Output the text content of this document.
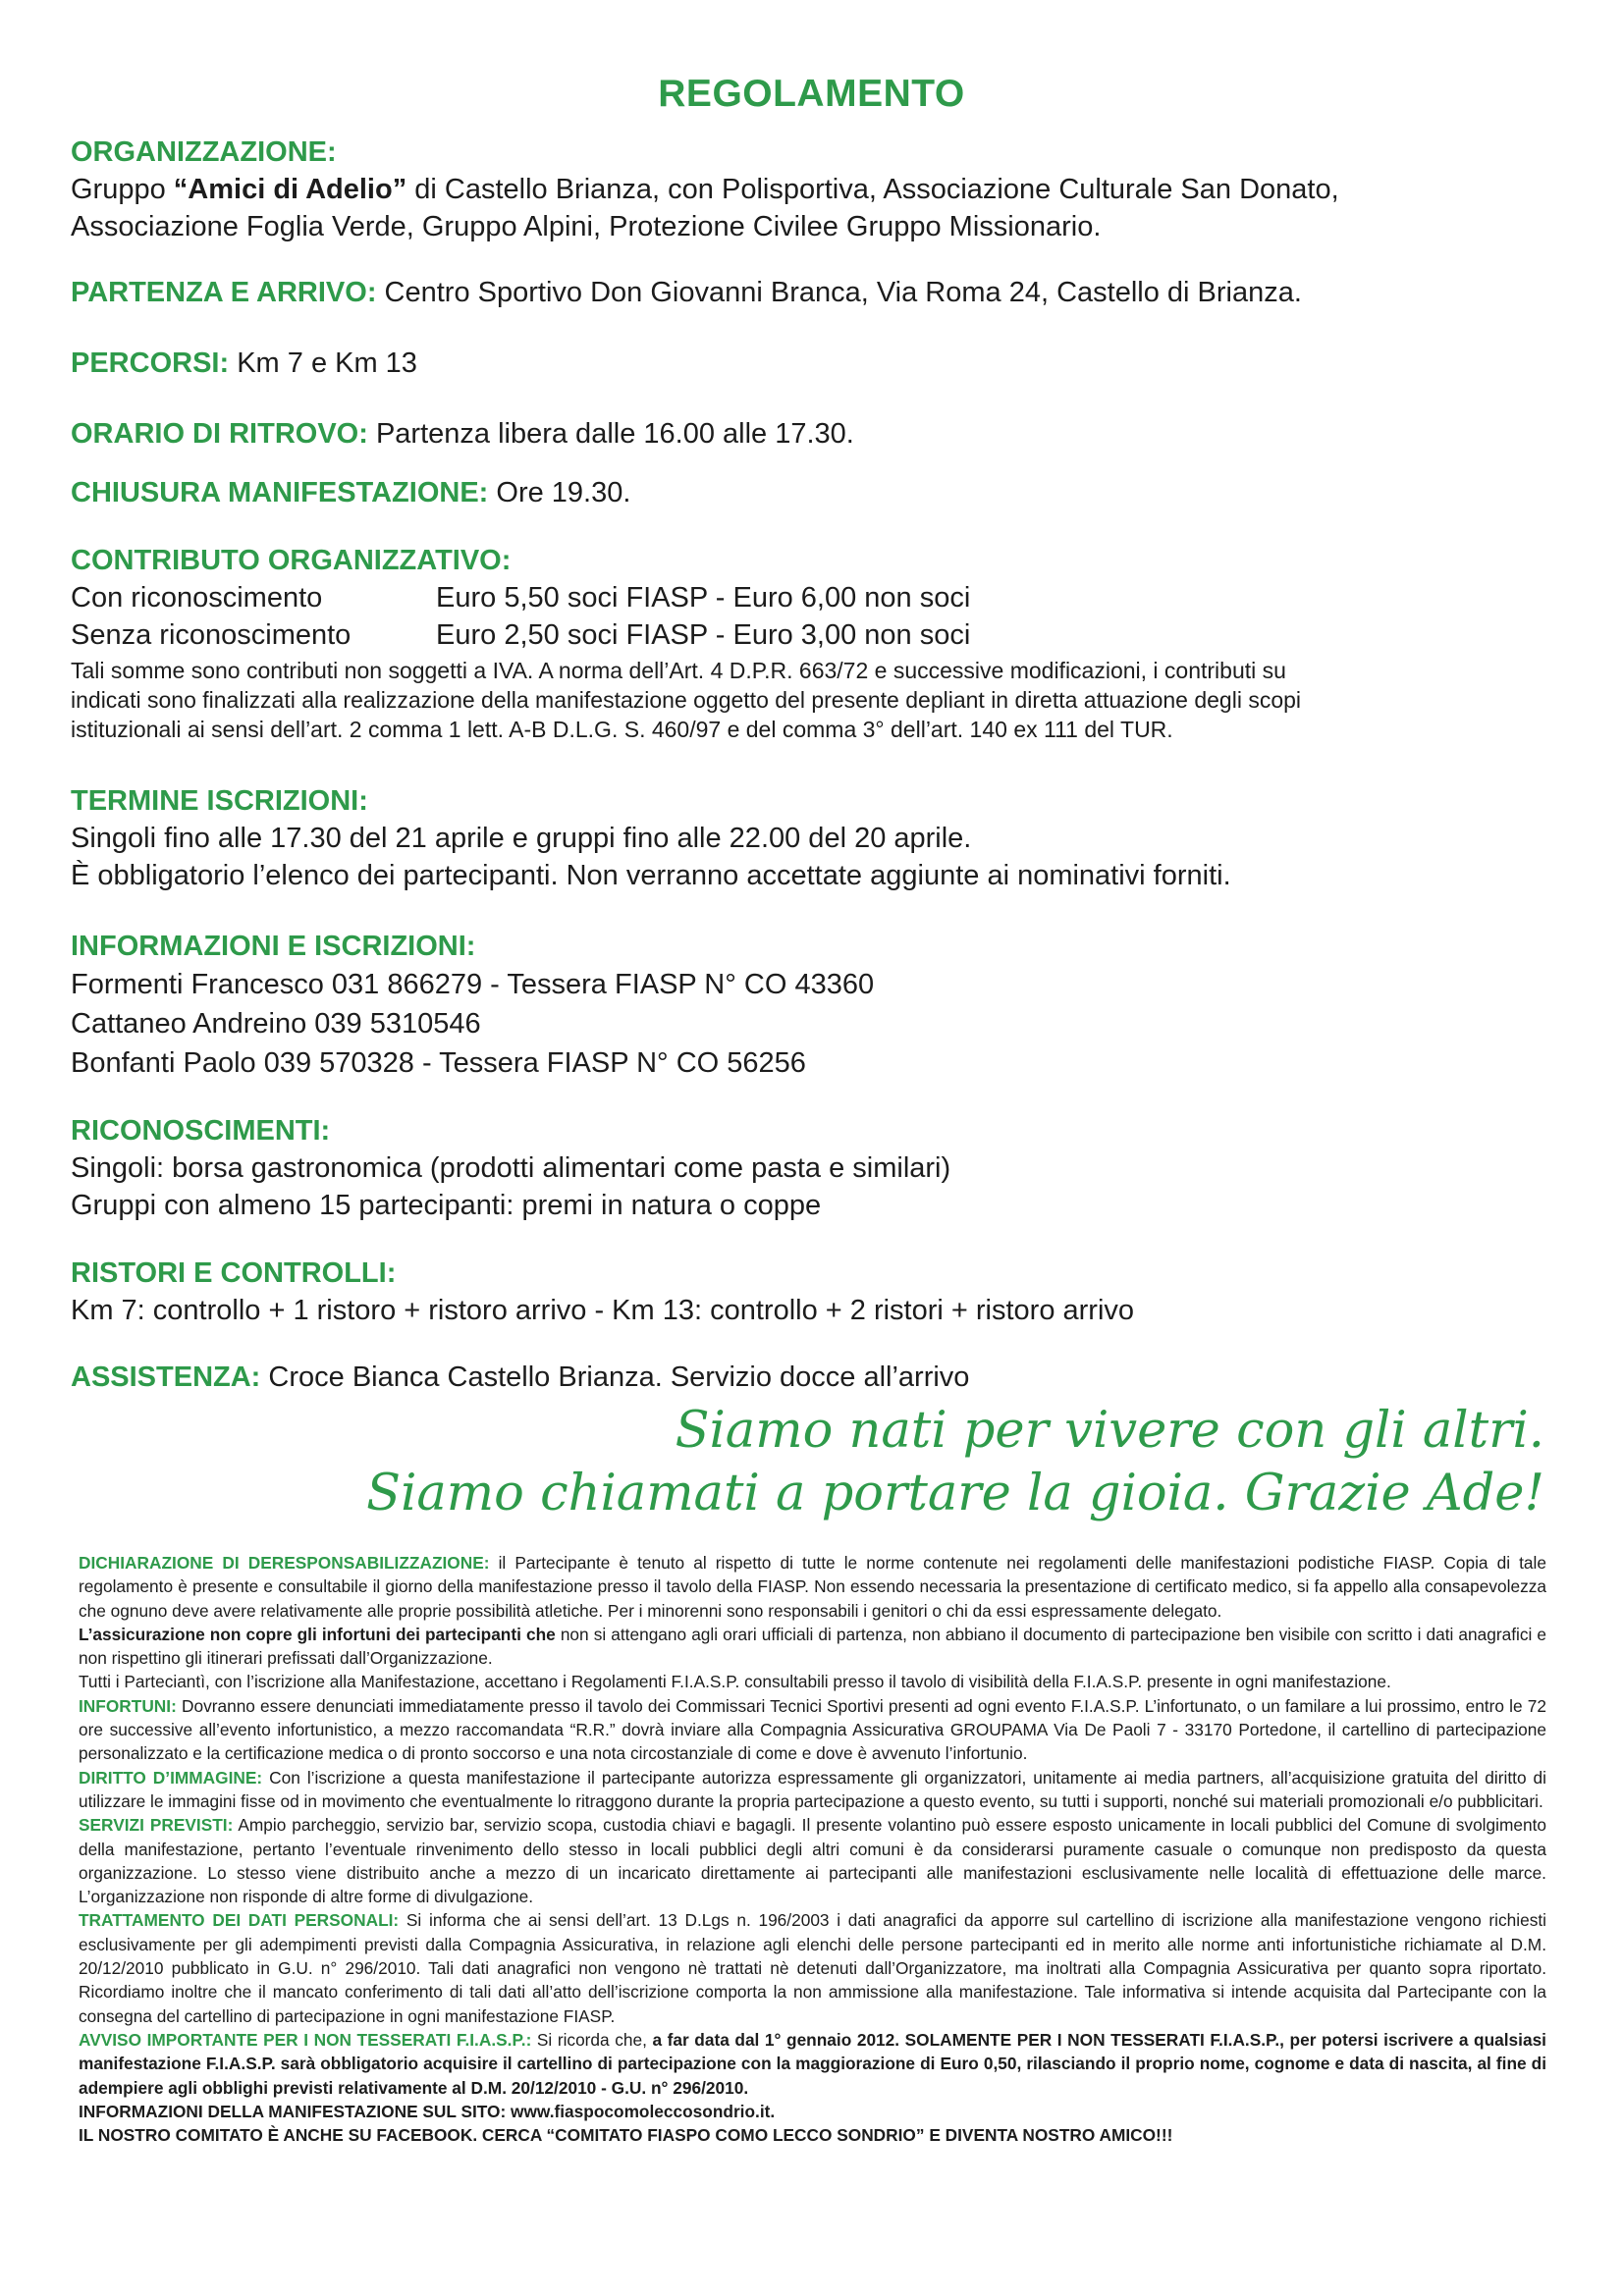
REGOLAMENTO
ORGANIZZAZIONE:
Gruppo “Amici di Adelio” di Castello Brianza, con Polisportiva, Associazione Culturale San Donato,
Associazione Foglia Verde, Gruppo Alpini, Protezione Civilee Gruppo Missionario.
PARTENZA E ARRIVO: Centro Sportivo Don Giovanni Branca, Via Roma 24, Castello di Brianza.
PERCORSI: Km 7 e Km 13
ORARIO DI RITROVO: Partenza libera dalle 16.00 alle 17.30.
CHIUSURA MANIFESTAZIONE: Ore 19.30.
CONTRIBUTO ORGANIZZATIVO:
Con riconoscimento	Euro 5,50 soci FIASP - Euro 6,00 non soci
Senza riconoscimento	Euro 2,50 soci FIASP - Euro 3,00 non soci
Tali somme sono contributi non soggetti a IVA. A norma dell’Art. 4 D.P.R. 663/72 e successive modificazioni, i contributi su
indicati sono finalizzati alla realizzazione della manifestazione oggetto del presente depliant in diretta attuazione degli scopi
istituzionali ai sensi dell’art. 2 comma 1 lett. A-B D.L.G. S. 460/97 e del comma 3° dell’art. 140 ex 111 del TUR.
TERMINE ISCRIZIONI:
Singoli fino alle 17.30 del 21 aprile e gruppi fino alle 22.00 del 20 aprile.
È obbligatorio l’elenco dei partecipanti. Non verranno accettate aggiunte ai nominativi forniti.
INFORMAZIONI E ISCRIZIONI:
Formenti Francesco 031 866279 - Tessera FIASP N° CO 43360
Cattaneo Andreino 039 5310546
Bonfanti Paolo 039 570328 - Tessera FIASP N° CO 56256
RICONOSCIMENTI:
Singoli: borsa gastronomica (prodotti alimentari come pasta e similari)
Gruppi con almeno 15 partecipanti: premi in natura o coppe
RISTORI E CONTROLLI:
Km 7: controllo + 1 ristoro + ristoro arrivo - Km 13: controllo + 2 ristori + ristoro arrivo
ASSISTENZA: Croce Bianca Castello Brianza. Servizio docce all’arrivo
Siamo nati per vivere con gli altri.
Siamo chiamati a portare la gioia. Grazie Ade!

DICHIARAZIONE DI DERESPONSABILIZZAZIONE: il Partecipante è tenuto al rispetto di tutte le norme contenute nei regolamenti delle manifestazioni podistiche FIASP. Copia di tale regolamento è presente e consultabile il giorno della manifestazione presso il tavolo della FIASP. Non essendo necessaria la presentazione di certificato medico, si fa appello alla consapevolezza che ognuno deve avere relativamente alle proprie possibilità atletiche. Per i minorenni sono responsabili i genitori o chi da essi espressamente delegato.

L’assicurazione non copre gli infortuni dei partecipanti che non si attengano agli orari ufficiali di partenza, non abbiano il documento di partecipazione ben visibile con scritto i dati anagrafici e non rispettino gli itinerari prefissati dall’Organizzazione.

Tutti i Parteciantì, con l’iscrizione alla Manifestazione, accettano i Regolamenti F.I.A.S.P. consultabili presso il tavolo di visibilità della F.I.A.S.P. presente in ogni manifestazione.

INFORTUNI: Dovranno essere denunciati immediatamente presso il tavolo dei Commissari Tecnici Sportivi presenti ad ogni evento F.I.A.S.P. L’infortunato, o un familare a lui prossimo, entro le 72 ore successive all’evento infortunistico, a mezzo raccomandata “R.R.” dovrà inviare alla Compagnia Assicurativa GROUPAMA Via De Paoli 7 - 33170 Portedone, il cartellino di partecipazione personalizzato e la certificazione medica o di pronto soccorso e una nota circostanziale di come e dove è avvenuto l’infortunio.

DIRITTO D’IMMAGINE: Con l’iscrizione a questa manifestazione il partecipante autorizza espressamente gli organizzatori, unitamente ai media partners, all’acquisizione gratuita del diritto di utilizzare le immagini fisse od in movimento che eventualmente lo ritraggono durante la propria partecipazione a questo evento, su tutti i supporti, nonché sui materiali promozionali e/o pubblicitari.

SERVIZI PREVISTI: Ampio parcheggio, servizio bar, servizio scopa, custodia chiavi e bagagli. Il presente volantino può essere esposto unicamente in locali pubblici del Comune di svolgimento della manifestazione, pertanto l’eventuale rinvenimento dello stesso in locali pubblici degli altri comuni è da considerarsi puramente casuale o comunque non predisposto da questa organizzazione. Lo stesso viene distribuito anche a mezzo di un incaricato direttamente ai partecipanti alle manifestazioni esclusivamente nelle località di effettuazione delle marce. L’organizzazione non risponde di altre forme di divulgazione.

TRATTAMENTO DEI DATI PERSONALI: Si informa che ai sensi dell’art. 13 D.Lgs n. 196/2003 i dati anagrafici da apporre sul cartellino di iscrizione alla manifestazione vengono richiesti esclusivamente per gli adempimenti previsti dalla Compagnia Assicurativa, in relazione agli elenchi delle persone partecipanti ed in merito alle norme anti infortunistiche richiamate al D.M. 20/12/2010 pubblicato in G.U. n° 296/2010. Tali dati anagrafici non vengono nè trattati nè detenuti dall’Organizzatore, ma inoltrati alla Compagnia Assicurativa per quanto sopra riportato. Ricordiamo inoltre che il mancato conferimento di tali dati all’atto dell’iscrizione comporta la non ammissione alla manifestazione. Tale informativa si intende acquisita dal Partecipante con la consegna del cartellino di partecipazione in ogni manifestazione FIASP.

AVVISO IMPORTANTE PER I NON TESSERATI F.I.A.S.P.: Si ricorda che, a far data dal 1° gennaio 2012. SOLAMENTE PER I NON TESSERATI F.I.A.S.P., per potersi iscrivere a qualsiasi manifestazione F.I.A.S.P. sarà obbligatorio acquisire il cartellino di partecipazione con la maggiorazione di Euro 0,50, rilasciando il proprio nome, cognome e data di nascita, al fine di adempiere agli obblighi previsti relativamente al D.M. 20/12/2010 - G.U. n° 296/2010.

INFORMAZIONI DELLA MANIFESTAZIONE SUL SITO: www.fiaspocomoleccosondrio.it.

IL NOSTRO COMITATO È ANCHE SU FACEBOOK. CERCA “COMITATO FIASPO COMO LECCO SONDRIO” E DIVENTA NOSTRO AMICO!!!
